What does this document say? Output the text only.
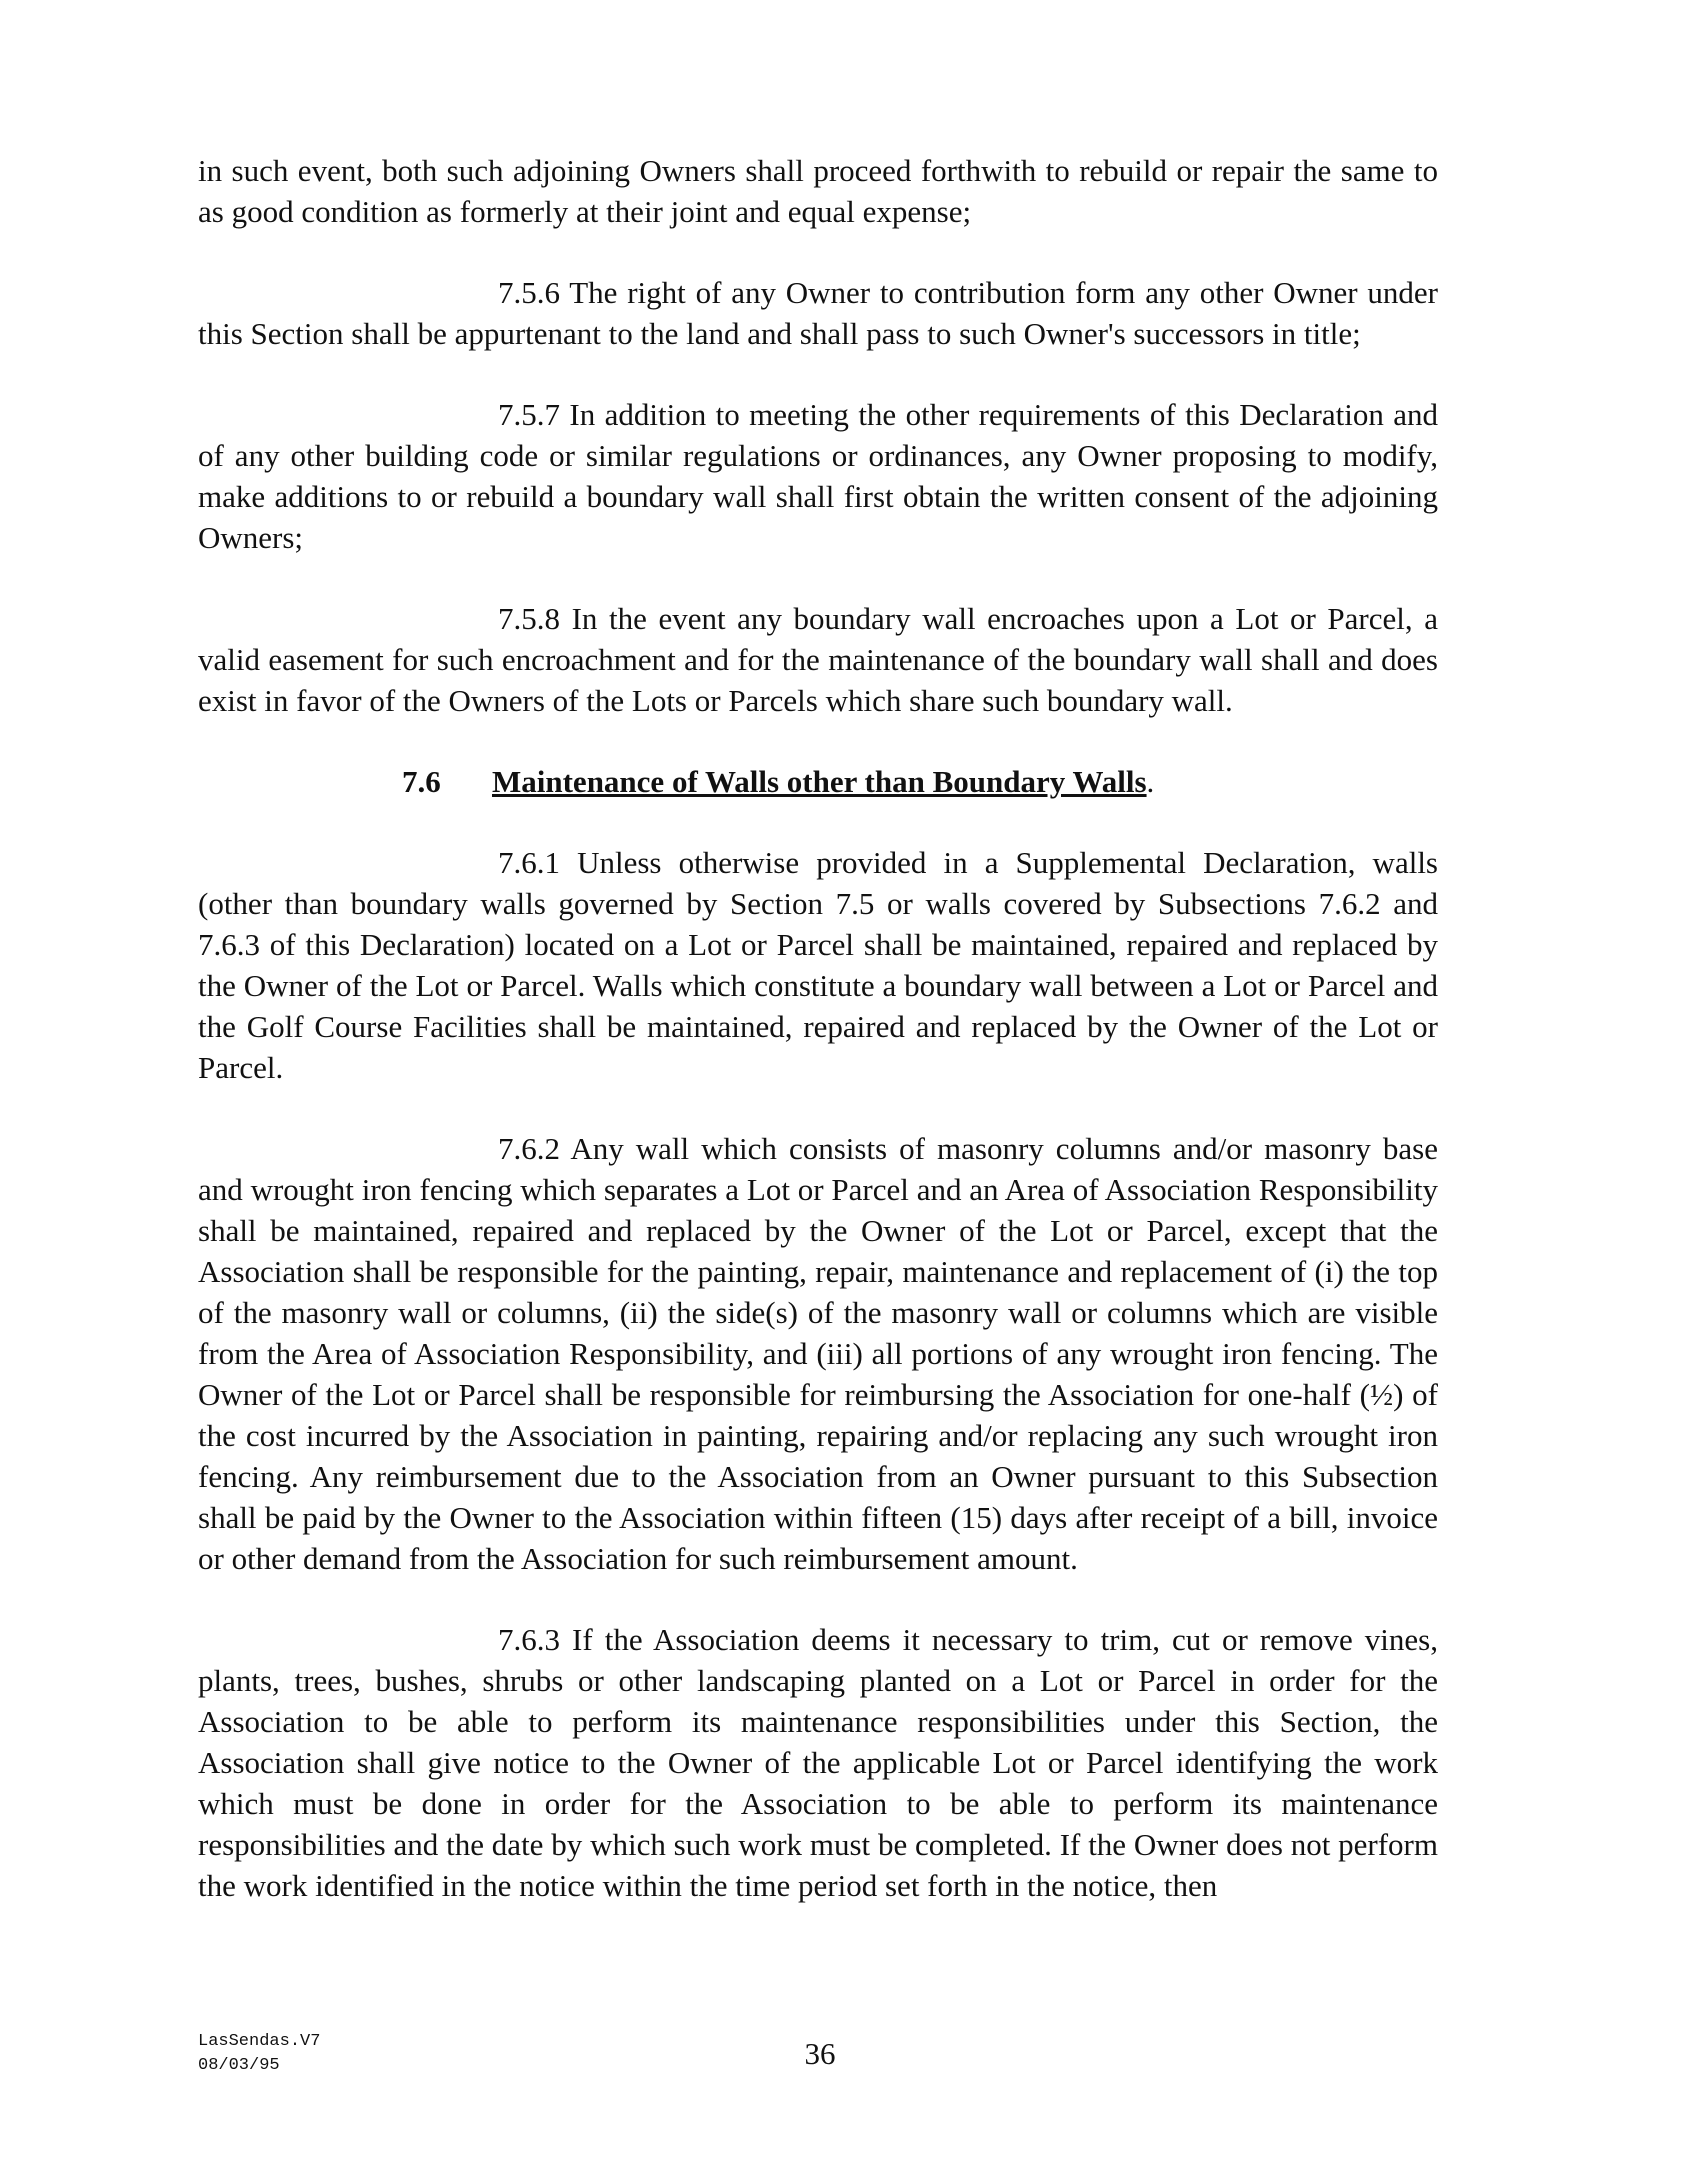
in such event, both such adjoining Owners shall proceed forthwith to rebuild or repair the same to as good condition as formerly at their joint and equal expense;

7.5.6 The right of any Owner to contribution form any other Owner under this Section shall be appurtenant to the land and shall pass to such Owner's successors in title;

7.5.7 In addition to meeting the other requirements of this Declaration and of any other building code or similar regulations or ordinances, any Owner proposing to modify, make additions to or rebuild a boundary wall shall first obtain the written consent of the adjoining Owners;

7.5.8 In the event any boundary wall encroaches upon a Lot or Parcel, a valid easement for such encroachment and for the maintenance of the boundary wall shall and does exist in favor of the Owners of the Lots or Parcels which share such boundary wall.

7.6 Maintenance of Walls other than Boundary Walls.

7.6.1 Unless otherwise provided in a Supplemental Declaration, walls (other than boundary walls governed by Section 7.5 or walls covered by Subsections 7.6.2 and 7.6.3 of this Declaration) located on a Lot or Parcel shall be maintained, repaired and replaced by the Owner of the Lot or Parcel. Walls which constitute a boundary wall between a Lot or Parcel and the Golf Course Facilities shall be maintained, repaired and replaced by the Owner of the Lot or Parcel.

7.6.2 Any wall which consists of masonry columns and/or masonry base and wrought iron fencing which separates a Lot or Parcel and an Area of Association Responsibility shall be maintained, repaired and replaced by the Owner of the Lot or Parcel, except that the Association shall be responsible for the painting, repair, maintenance and replacement of (i) the top of the masonry wall or columns, (ii) the side(s) of the masonry wall or columns which are visible from the Area of Association Responsibility, and (iii) all portions of any wrought iron fencing. The Owner of the Lot or Parcel shall be responsible for reimbursing the Association for one-half (½) of the cost incurred by the Association in painting, repairing and/or replacing any such wrought iron fencing. Any reimbursement due to the Association from an Owner pursuant to this Subsection shall be paid by the Owner to the Association within fifteen (15) days after receipt of a bill, invoice or other demand from the Association for such reimbursement amount.

7.6.3 If the Association deems it necessary to trim, cut or remove vines, plants, trees, bushes, shrubs or other landscaping planted on a Lot or Parcel in order for the Association to be able to perform its maintenance responsibilities under this Section, the Association shall give notice to the Owner of the applicable Lot or Parcel identifying the work which must be done in order for the Association to be able to perform its maintenance responsibilities and the date by which such work must be completed. If the Owner does not perform the work identified in the notice within the time period set forth in the notice, then

LasSendas.V7
08/03/95	36
